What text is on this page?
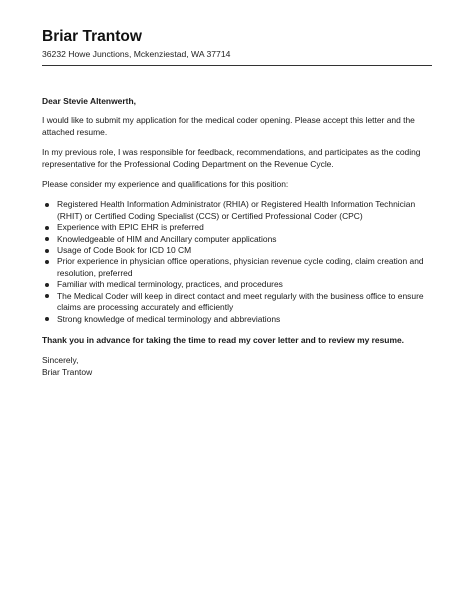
Briar Trantow
36232 Howe Junctions, Mckenziestad, WA 37714

Dear Stevie Altenwerth,

I would like to submit my application for the medical coder opening. Please accept this letter and the attached resume.

In my previous role, I was responsible for feedback, recommendations, and participates as the coding representative for the Professional Coding Department on the Revenue Cycle.

Please consider my experience and qualifications for this position:

Registered Health Information Administrator (RHIA) or Registered Health Information Technician (RHIT) or Certified Coding Specialist (CCS) or Certified Professional Coder (CPC)
Experience with EPIC EHR is preferred
Knowledgeable of HIM and Ancillary computer applications
Usage of Code Book for ICD 10 CM
Prior experience in physician office operations, physician revenue cycle coding, claim creation and resolution, preferred
Familiar with medical terminology, practices, and procedures
The Medical Coder will keep in direct contact and meet regularly with the business office to ensure claims are processing accurately and efficiently
Strong knowledge of medical terminology and abbreviations

Thank you in advance for taking the time to read my cover letter and to review my resume.

Sincerely,

Briar Trantow
